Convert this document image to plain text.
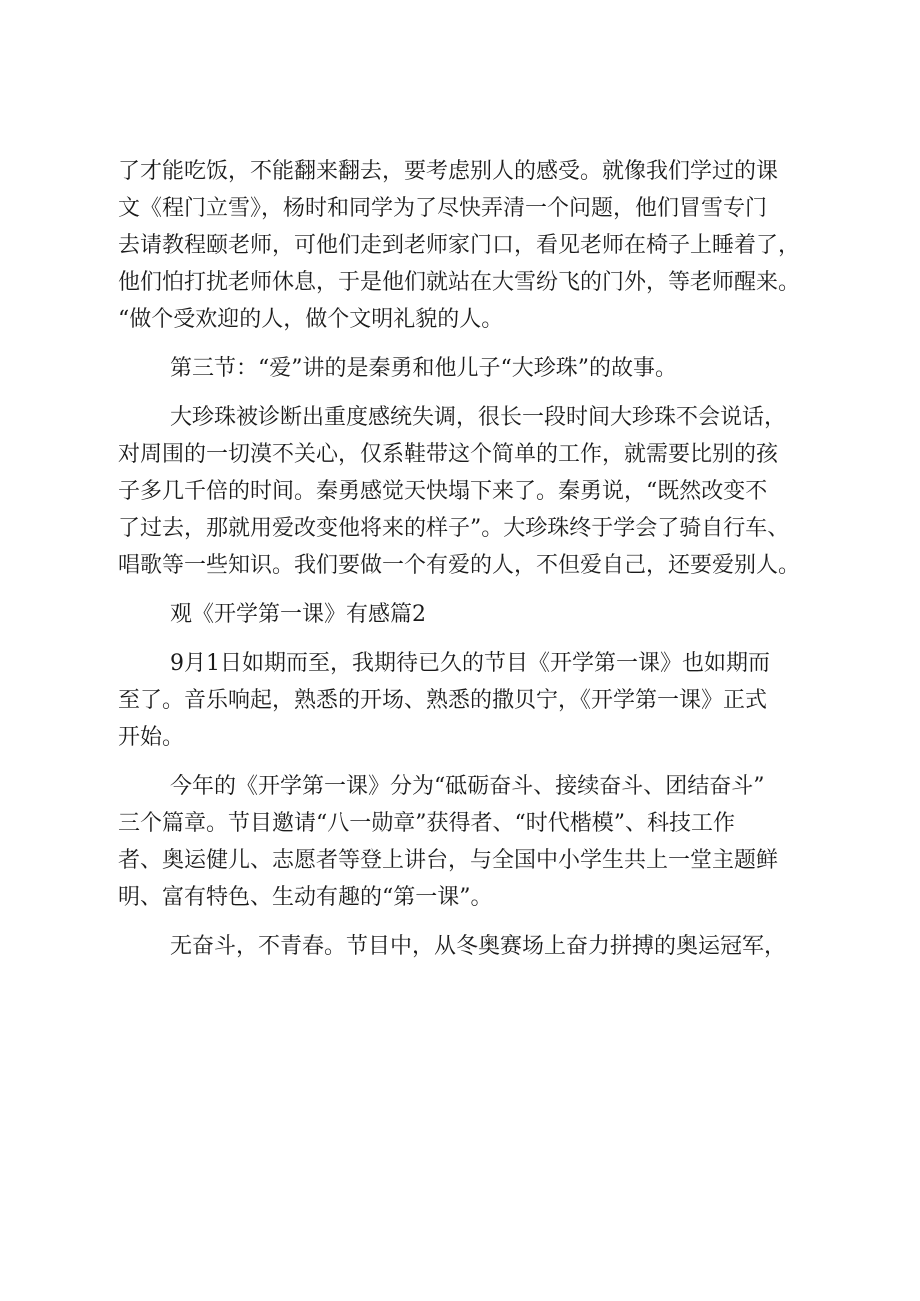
了才能吃饭，不能翻来翻去，要考虑别人的感受。就像我们学过的课
文《程门立雪》，杨时和同学为了尽快弄清一个问题，他们冒雪专门
去请教程颐老师，可他们走到老师家门口，看见老师在椅子上睡着了，
他们怕打扰老师休息，于是他们就站在大雪纷飞的门外，等老师醒来。
“做个受欢迎的人，做个文明礼貌的人。

第三节：“爱”讲的是秦勇和他儿子“大珍珠”的故事。

大珍珠被诊断出重度感统失调，很长一段时间大珍珠不会说话，
对周围的一切漠不关心，仅系鞋带这个简单的工作，就需要比别的孩
子多几千倍的时间。秦勇感觉天快塌下来了。秦勇说，“既然改变不
了过去，那就用爱改变他将来的样子”。大珍珠终于学会了骑自行车、
唱歌等一些知识。我们要做一个有爱的人，不但爱自己，还要爱别人。

观《开学第一课》有感篇2

9月1日如期而至，我期待已久的节目《开学第一课》也如期而
至了。音乐响起，熟悉的开场、熟悉的撒贝宁，《开学第一课》正式
开始。

今年的《开学第一课》分为“砥砺奋斗、接续奋斗、团结奋斗”
三个篇章。节目邀请“八一勋章”获得者、“时代楷模”、科技工作
者、奥运健儿、志愿者等登上讲台，与全国中小学生共上一堂主题鲜
明、富有特色、生动有趣的“第一课”。

无奋斗，不青春。节目中，从冬奥赛场上奋力拼搏的奥运冠军，
